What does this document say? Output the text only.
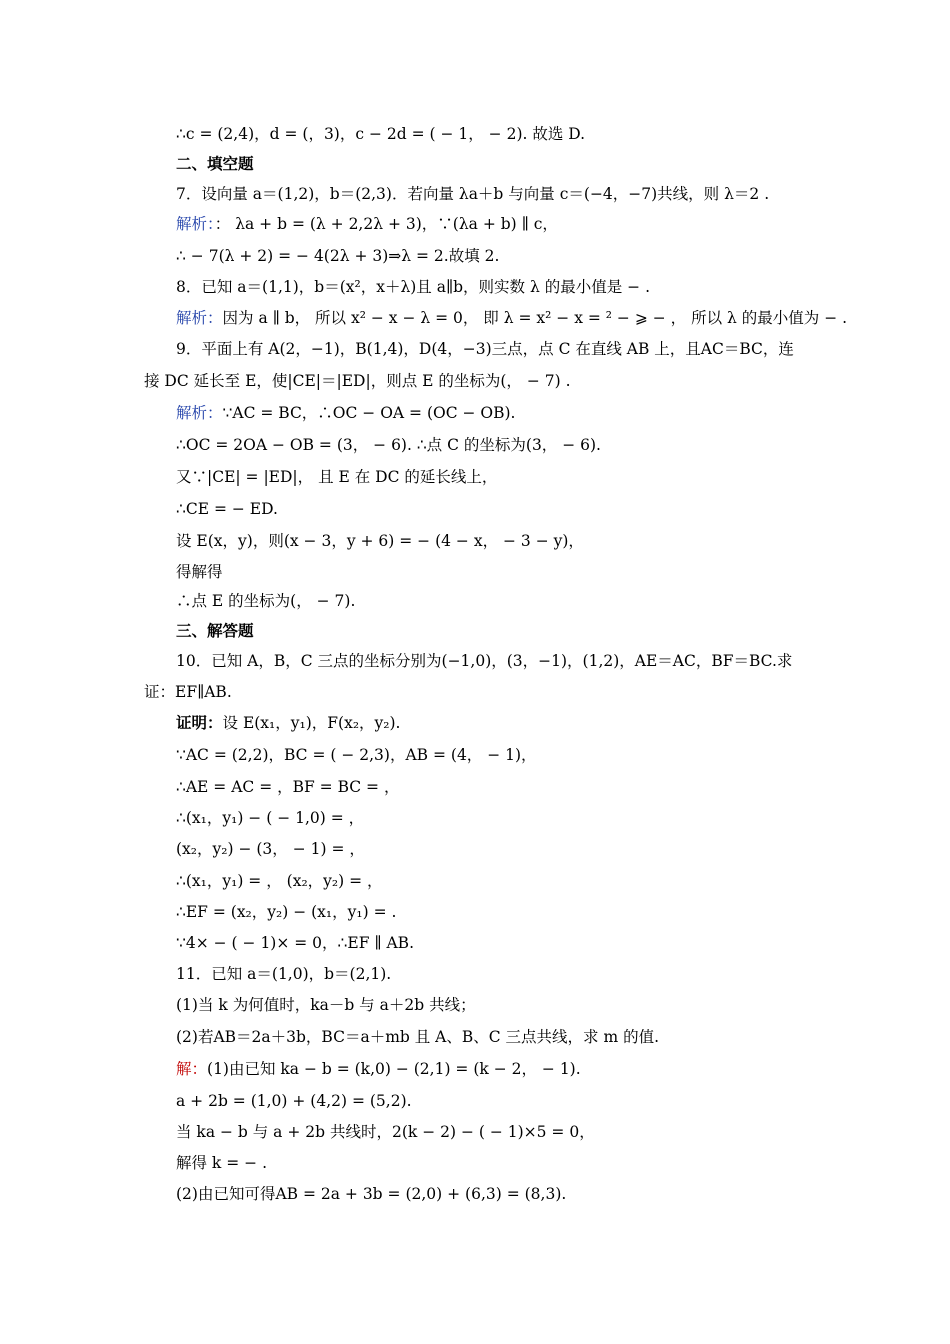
∴c = (2,4)，d = (，3)，c − 2d = ( − 1， − 2). 故选 D.
二、填空题
7．设向量 a＝(1,2)，b＝(2,3)．若向量 λa＋b 与向量 c＝(−4，−7)共线，则 λ＝2 .
解析：： λa + b = (λ + 2,2λ + 3)，∵(λa + b) ∥ c，
∴ − 7(λ + 2) = − 4(2λ + 3)⇒λ = 2.故填 2.
8．已知 a＝(1,1)，b＝(x²，x＋λ)且 a∥b，则实数 λ 的最小值是 − .
解析：因为 a ∥ b， 所以 x² − x − λ = 0， 即 λ = x² − x = ² − ⩾ − ， 所以 λ 的最小值为 − .
9．平面上有 A(2，−1)，B(1,4)，D(4，−3)三点，点 C 在直线 AB 上，且AC＝BC，连
接 DC 延长至 E，使|CE|＝|ED|，则点 E 的坐标为(， − 7) .
解析：∵AC = BC，∴OC − OA = (OC − OB).
∴OC = 2OA − OB = (3， − 6). ∴点 C 的坐标为(3， − 6).
又∵|CE| = |ED|， 且 E 在 DC 的延长线上，
∴CE = − ED.
设 E(x，y)，则(x − 3，y + 6) = − (4 − x， − 3 − y)，
得解得
∴点 E 的坐标为(， − 7).
三、解答题
10．已知 A，B，C 三点的坐标分别为(−1,0)，(3，−1)，(1,2)，AE＝AC，BF＝BC.求
证：EF∥AB.
证明：设 E(x₁，y₁)，F(x₂，y₂).
∵AC = (2,2)，BC = ( − 2,3)，AB = (4， − 1)，
∴AE = AC = ，BF = BC = ，
∴(x₁，y₁) − ( − 1,0) = ，
(x₂，y₂) − (3， − 1) = ，
∴(x₁，y₁) = ， (x₂，y₂) = ，
∴EF = (x₂，y₂) − (x₁，y₁) = .
∵4× − ( − 1)× = 0，∴EF ∥ AB.
11．已知 a＝(1,0)，b＝(2,1).
(1)当 k 为何值时，ka－b 与 a＋2b 共线；
(2)若AB＝2a＋3b，BC＝a＋mb 且 A、B、C 三点共线，求 m 的值.
解：(1)由已知 ka − b = (k,0) − (2,1) = (k − 2， − 1).
a + 2b = (1,0) + (4,2) = (5,2).
当 ka − b 与 a + 2b 共线时，2(k − 2) − ( − 1)×5 = 0，
解得 k = − .
(2)由已知可得AB = 2a + 3b = (2,0) + (6,3) = (8,3).
